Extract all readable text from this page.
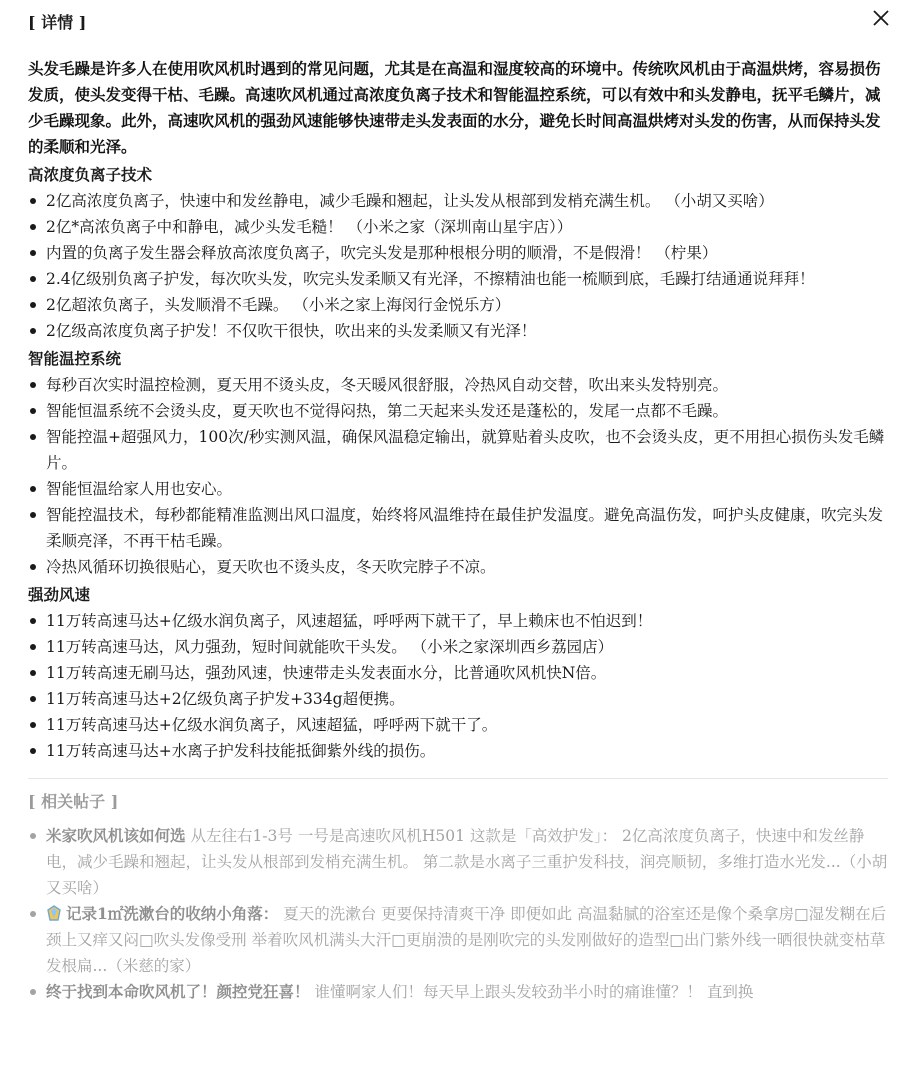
[ 详情 ]
头发毛躁是许多人在使用吹风机时遇到的常见问题，尤其是在高温和湿度较高的环境中。传统吹风机由于高温烘烤，容易损伤发质，使头发变得干枯、毛躁。高速吹风机通过高浓度负离子技术和智能温控系统，可以有效中和头发静电，抚平毛鳞片，减少毛躁现象。此外，高速吹风机的强劲风速能够快速带走头发表面的水分，避免长时间高温烘烤对头发的伤害，从而保持头发的柔顺和光泽。
高浓度负离子技术
2亿高浓度负离子，快速中和发丝静电，减少毛躁和翘起，让头发从根部到发梢充满生机。 （小胡又买啥）
2亿*高浓负离子中和静电，减少头发毛糙！ （小米之家（深圳南山星宇店））
内置的负离子发生器会释放高浓度负离子，吹完头发是那种根根分明的顺滑，不是假滑！ （柠果）
2.4亿级别负离子护发，每次吹头发，吹完头发柔顺又有光泽，不擦精油也能一梳顺到底，毛躁打结通通说拜拜！
2亿超浓负离子，头发顺滑不毛躁。 （小米之家上海闵行金悦乐方）
2亿级高浓度负离子护发！不仅吹干很快，吹出来的头发柔顺又有光泽！
智能温控系统
每秒百次实时温控检测，夏天用不烫头皮，冬天暖风很舒服，冷热风自动交替，吹出来头发特别亮。
智能恒温系统不会烫头皮，夏天吹也不觉得闷热，第二天起来头发还是蓬松的，发尾一点都不毛躁。
智能控温+超强风力，100次/秒实测风温，确保风温稳定输出，就算贴着头皮吹，也不会烫头皮，更不用担心损伤头发毛鳞片。
智能恒温给家人用也安心。
智能控温技术，每秒都能精准监测出风口温度，始终将风温维持在最佳护发温度。避免高温伤发，呵护头皮健康，吹完头发柔顺亮泽，不再干枯毛躁。
冷热风循环切换很贴心，夏天吹也不烫头皮，冬天吹完脖子不凉。
强劲风速
11万转高速马达+亿级水润负离子，风速超猛，呼呼两下就干了，早上赖床也不怕迟到！
11万转高速马达，风力强劲，短时间就能吹干头发。 （小米之家深圳西乡荔园店）
11万转高速无刷马达，强劲风速，快速带走头发表面水分，比普通吹风机快N倍。
11万转高速马达+2亿级负离子护发+334g超便携。
11万转高速马达+亿级水润负离子，风速超猛，呼呼两下就干了。
11万转高速马达+水离子护发科技能抵御紫外线的损伤。
[ 相关帖子 ]
米家吹风机该如何选 从左往右1-3号 一号是高速吹风机H501 这款是「高效护发」： 2亿高浓度负离子，快速中和发丝静电，减少毛躁和翘起，让头发从根部到发梢充满生机。 第二款是水离子三重护发科技，润亮顺韧，多维打造水光发...（小胡又买啥）
记录1㎡洗漱台的收纳小角落： 夏天的洗漱台 更要保持清爽干净 即便如此 高温黏腻的浴室还是像个桑拿房□湿发糊在后颈上又痒又闷□吹头发像受刑 举着吹风机满头大汗□更崩溃的是刚吹完的头发刚做好的造型□出门紫外线一晒很快就变枯草 发根扁...（米慈的家）
终于找到本命吹风机了！颜控党狂喜！ 谁懂啊家人们！每天早上跟头发较劲半小时的痛谁懂？！ 直到换
